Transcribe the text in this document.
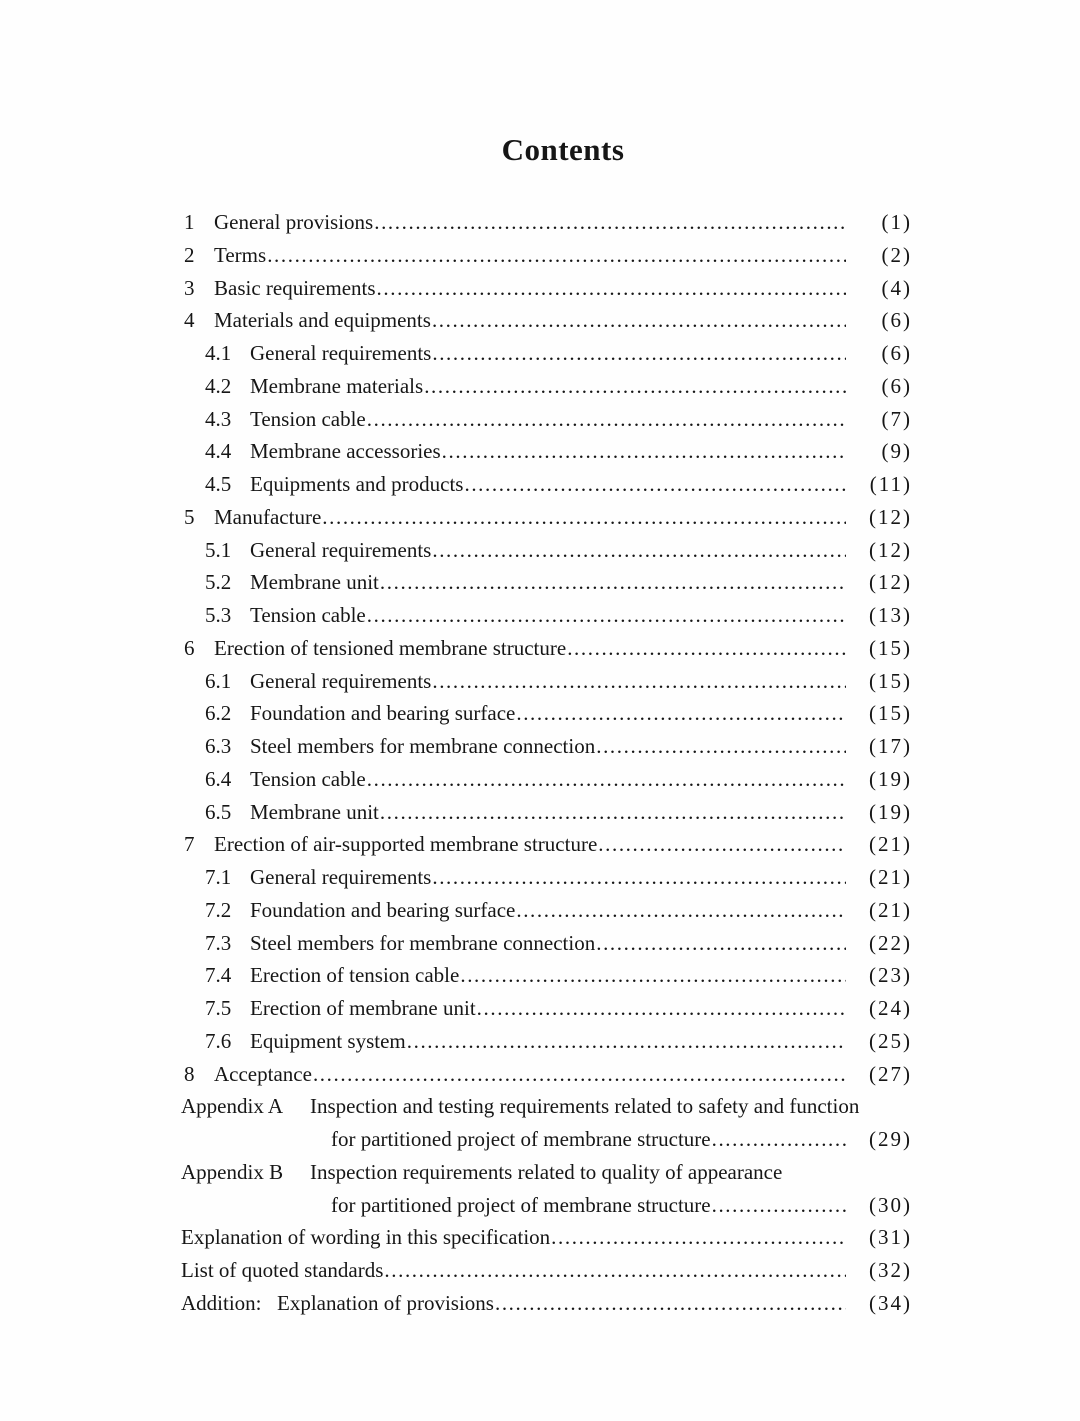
Contents
1 General provisions .....	(1)
2 Terms .....	(2)
3 Basic requirements .....	(4)
4 Materials and equipments .....	(6)
4.1 General requirements .....	(6)
4.2 Membrane materials .....	(6)
4.3 Tension cable .....	(7)
4.4 Membrane accessories .....	(9)
4.5 Equipments and products .....	(11)
5 Manufacture .....	(12)
5.1 General requirements .....	(12)
5.2 Membrane unit .....	(12)
5.3 Tension cable .....	(13)
6 Erection of tensioned membrane structure .....	(15)
6.1 General requirements .....	(15)
6.2 Foundation and bearing surface .....	(15)
6.3 Steel members for membrane connection .....	(17)
6.4 Tension cable .....	(19)
6.5 Membrane unit .....	(19)
7 Erection of air-supported membrane structure .....	(21)
7.1 General requirements .....	(21)
7.2 Foundation and bearing surface .....	(21)
7.3 Steel members for membrane connection .....	(22)
7.4 Erection of tension cable .....	(23)
7.5 Erection of membrane unit .....	(24)
7.6 Equipment system .....	(25)
8 Acceptance .....	(27)
Appendix A	Inspection and testing requirements related to safety and function
for partitioned project of membrane structure .....	(29)
Appendix B	Inspection requirements related to quality of appearance
for partitioned project of membrane structure .....	(30)
Explanation of wording in this specification .....	(31)
List of quoted standards .....	(32)
Addition: Explanation of provisions .....	(34)
